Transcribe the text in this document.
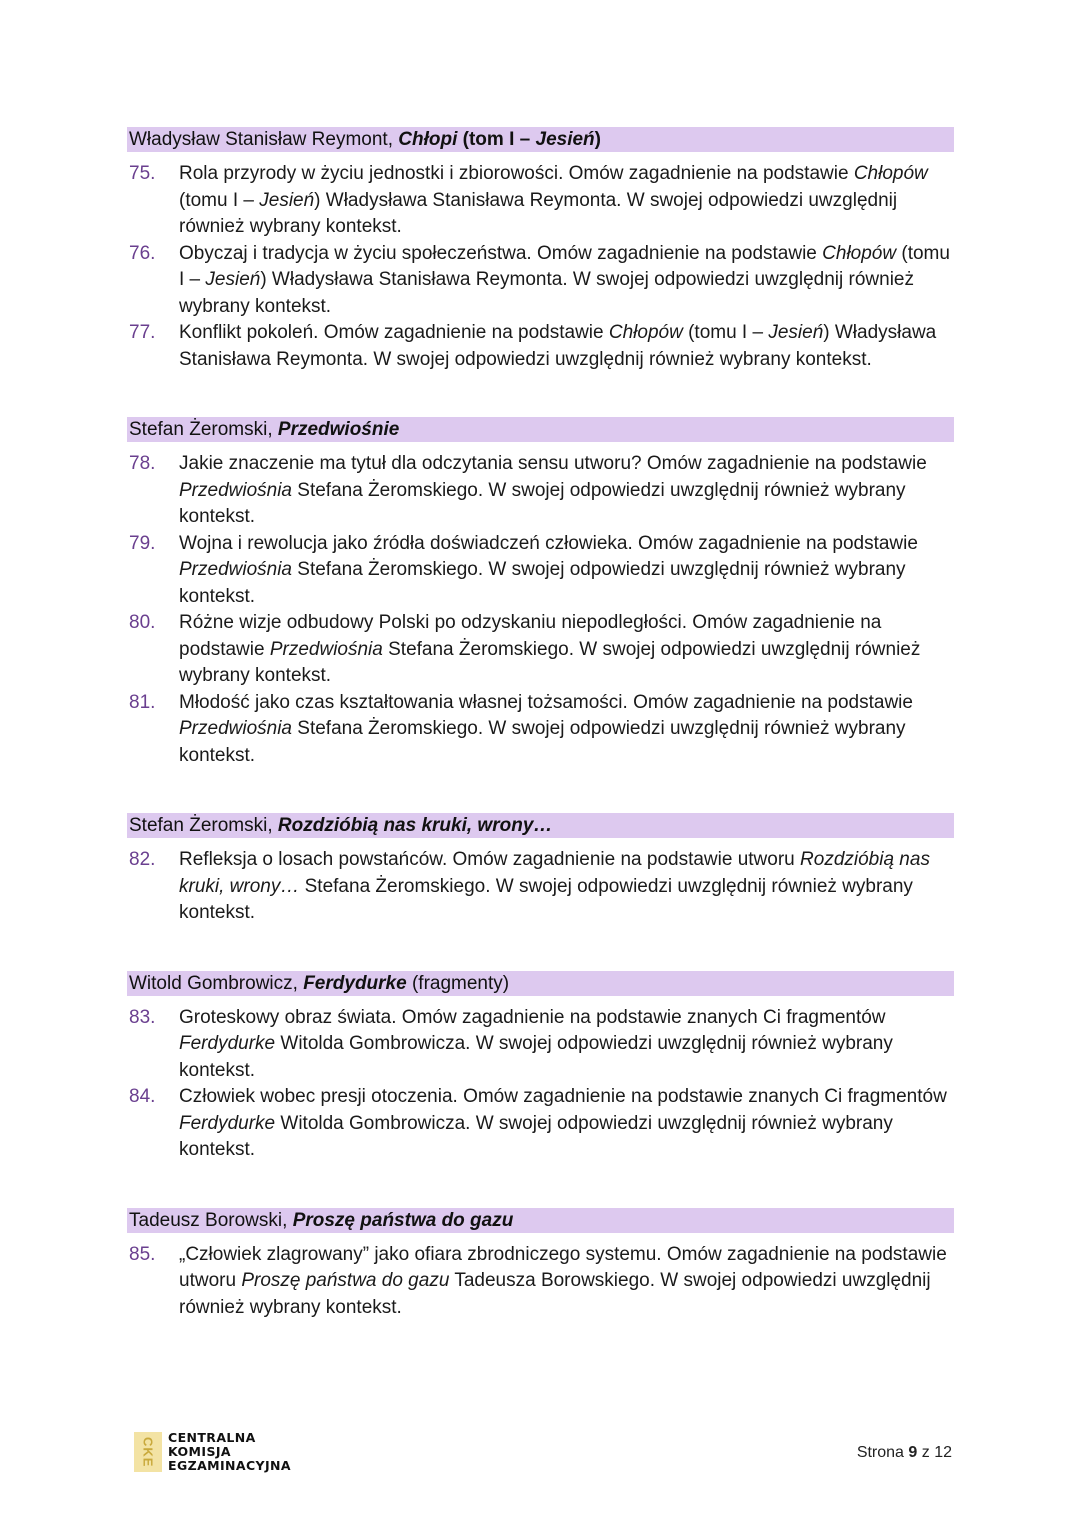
Władysław Stanisław Reymont, Chłopi (tom I – Jesień)
75.	Rola przyrody w życiu jednostki i zbiorowości. Omów zagadnienie na podstawie Chłopów (tomu I – Jesień) Władysława Stanisława Reymonta. W swojej odpowiedzi uwzględnij również wybrany kontekst.
76.	Obyczaj i tradycja w życiu społeczeństwa. Omów zagadnienie na podstawie Chłopów (tomu I – Jesień) Władysława Stanisława Reymonta. W swojej odpowiedzi uwzględnij również wybrany kontekst.
77.	Konflikt pokoleń. Omów zagadnienie na podstawie Chłopów (tomu I – Jesień) Władysława Stanisława Reymonta. W swojej odpowiedzi uwzględnij również wybrany kontekst.
Stefan Żeromski, Przedwiośnie
78.	Jakie znaczenie ma tytuł dla odczytania sensu utworu? Omów zagadnienie na podstawie Przedwiośnia Stefana Żeromskiego. W swojej odpowiedzi uwzględnij również wybrany kontekst.
79.	Wojna i rewolucja jako źródła doświadczeń człowieka. Omów zagadnienie na podstawie Przedwiośnia Stefana Żeromskiego. W swojej odpowiedzi uwzględnij również wybrany kontekst.
80.	Różne wizje odbudowy Polski po odzyskaniu niepodległości. Omów zagadnienie na podstawie Przedwiośnia Stefana Żeromskiego. W swojej odpowiedzi uwzględnij również wybrany kontekst.
81.	Młodość jako czas kształtowania własnej tożsamości. Omów zagadnienie na podstawie Przedwiośnia Stefana Żeromskiego. W swojej odpowiedzi uwzględnij również wybrany kontekst.
Stefan Żeromski, Rozdzióbią nas kruki, wrony…
82.	Refleksja o losach powstańców. Omów zagadnienie na podstawie utworu Rozdzióbią nas kruki, wrony… Stefana Żeromskiego. W swojej odpowiedzi uwzględnij również wybrany kontekst.
Witold Gombrowicz, Ferdydurke (fragmenty)
83.	Groteskowy obraz świata. Omów zagadnienie na podstawie znanych Ci fragmentów Ferdydurke Witolda Gombrowicza. W swojej odpowiedzi uwzględnij również wybrany kontekst.
84.	Człowiek wobec presji otoczenia. Omów zagadnienie na podstawie znanych Ci fragmentów Ferdydurke Witolda Gombrowicza. W swojej odpowiedzi uwzględnij również wybrany kontekst.
Tadeusz Borowski, Proszę państwa do gazu
85.	„Człowiek zlagrowany” jako ofiara zbrodniczego systemu. Omów zagadnienie na podstawie utworu Proszę państwa do gazu Tadeusza Borowskiego. W swojej odpowiedzi uwzględnij również wybrany kontekst.
CKE	CENTRALNA
KOMISJA
EGZAMINACYJNA
Strona 9 z 12
